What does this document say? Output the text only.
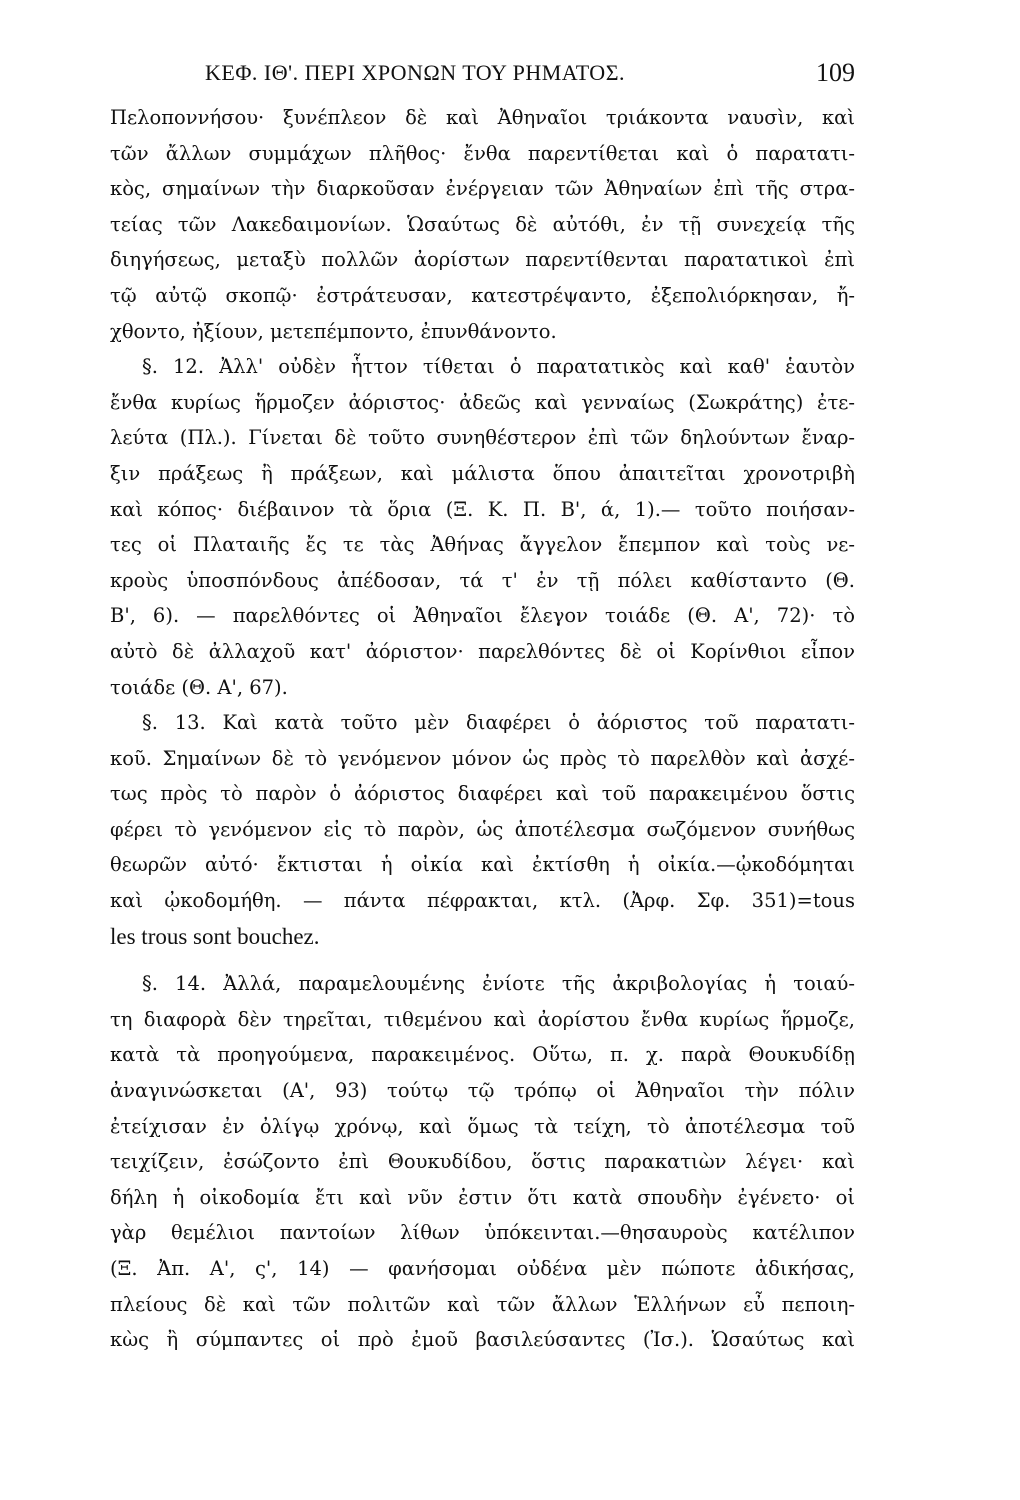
ΚΕΦ. ΙΘ'. ΠΕΡΙ ΧΡΟΝΩΝ ΤΟΥ ΡΗΜΑΤΟΣ.	109
Πελοποννήσου· ξυνέπλεον δὲ καὶ Ἀθηναῖοι τριάκοντα ναυσὶν, καὶ
τῶν ἄλλων συμμάχων πλῆθος· ἔνθα παρεντίθεται καὶ ὁ παρατατι-
κὸς, σημαίνων τὴν διαρκοῦσαν ἐνέργειαν τῶν Ἀθηναίων ἐπὶ τῆς στρα-
τείας τῶν Λακεδαιμονίων. Ὡσαύτως δὲ αὐτόθι, ἐν τῇ συνεχείᾳ τῆς
διηγήσεως, μεταξὺ πολλῶν ἀορίστων παρεντίθενται παρατατικοὶ ἐπὶ
τῷ αὐτῷ σκοπῷ· ἐστράτευσαν, κατεστρέψαντο, ἐξεπολιόρκησαν, ἤ-
χθοντο, ἠξίουν, μετεπέμποντο, ἐπυνθάνοντο.
§. 12. Ἀλλ' οὐδὲν ἧττον τίθεται ὁ παρατατικὸς καὶ καθ' ἑαυτὸν
ἔνθα κυρίως ἥρμοζεν ἀόριστος· ἀδεῶς καὶ γενναίως (Σωκράτης) ἐτε-
λεύτα (Πλ.). Γίνεται δὲ τοῦτο συνηθέστερον ἐπὶ τῶν δηλούντων ἔναρ-
ξιν πράξεως ἢ πράξεων, καὶ μάλιστα ὅπου ἀπαιτεῖται χρονοτριβὴ
καὶ κόπος· διέβαινον τὰ ὅρια (Ξ. Κ. Π. Β', ά, 1).— τοῦτο ποιήσαν-
τες οἱ Πλαταιῆς ἔς τε τὰς Ἀθήνας ἄγγελον ἔπεμπον καὶ τοὺς νε-
κροὺς ὑποσπόνδους ἀπέδοσαν, τά τ' ἐν τῇ πόλει καθίσταντο (Θ.
Β', 6). — παρελθόντες οἱ Ἀθηναῖοι ἔλεγον τοιάδε (Θ. Α', 72)· τὸ
αὐτὸ δὲ ἀλλαχοῦ κατ' ἀόριστον· παρελθόντες δὲ οἱ Κορίνθιοι εἶπον
τοιάδε (Θ. Α', 67).
§. 13. Καὶ κατὰ τοῦτο μὲν διαφέρει ὁ ἀόριστος τοῦ παρατατι-
κοῦ. Σημαίνων δὲ τὸ γενόμενον μόνον ὡς πρὸς τὸ παρελθὸν καὶ ἀσχέ-
τως πρὸς τὸ παρὸν ὁ ἀόριστος διαφέρει καὶ τοῦ παρακειμένου ὅστις
φέρει τὸ γενόμενον εἰς τὸ παρὸν, ὡς ἀποτέλεσμα σωζόμενον συνήθως
θεωρῶν αὐτό· ἔκτισται ἡ οἰκία καὶ ἐκτίσθη ἡ οἰκία.—ᾠκοδόμηται
καὶ ᾠκοδομήθη. — πάντα πέφρακται, κτλ. (Ἀρφ. Σφ. 351)=tous
les trous sont bouchez.
§. 14. Ἀλλά, παραμελουμένης ἐνίοτε τῆς ἀκριβολογίας ἡ τοιαύ-
τη διαφορὰ δὲν τηρεῖται, τιθεμένου καὶ ἀορίστου ἔνθα κυρίως ἥρμοζε,
κατὰ τὰ προηγούμενα, παρακειμένος. Οὕτω, π. χ. παρὰ Θουκυδίδῃ
ἀναγινώσκεται (Α', 93) τούτῳ τῷ τρόπῳ οἱ Ἀθηναῖοι τὴν πόλιν
ἐτείχισαν ἐν ὀλίγῳ χρόνῳ, καὶ ὅμως τὰ τείχη, τὸ ἀποτέλεσμα τοῦ
τειχίζειν, ἐσώζοντο ἐπὶ Θουκυδίδου, ὅστις παρακατιὼν λέγει· καὶ
δήλη ἡ οἰκοδομία ἔτι καὶ νῦν ἐστιν ὅτι κατὰ σπουδὴν ἐγένετο· οἱ
γὰρ θεμέλιοι παντοίων λίθων ὑπόκεινται.—θησαυροὺς κατέλιπον
(Ξ. Ἀπ. Α', ς', 14) — φανήσομαι οὐδένα μὲν πώποτε ἀδικήσας,
πλείους δὲ καὶ τῶν πολιτῶν καὶ τῶν ἄλλων Ἑλλήνων εὖ πεποιη-
κὼς ἢ σύμπαντες οἱ πρὸ ἐμοῦ βασιλεύσαντες (Ἰσ.). Ὡσαύτως καὶ
